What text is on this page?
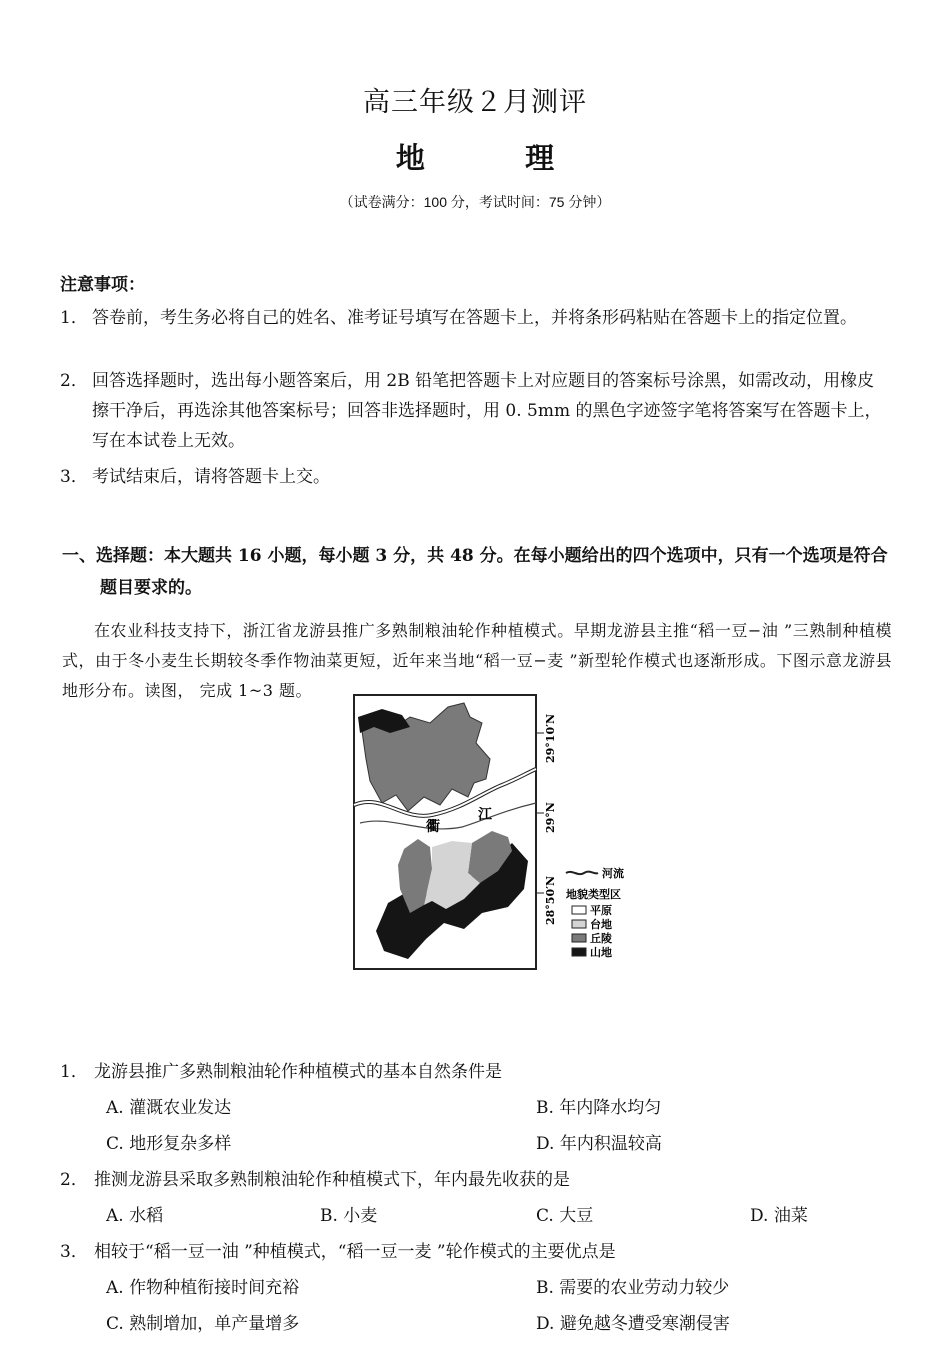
高三年级２月测评
地	理
（试卷满分：100 分，考试时间：75 分钟）
注意事项：
1． 答卷前，考生务必将自己的姓名、准考证号填写在答题卡上，并将条形码粘贴在答题卡上的指定位置。
2． 回答选择题时，选出每小题答案后，用 2B 铅笔把答题卡上对应题目的答案标号涂黑，如需改动，用橡皮擦干净后，再选涂其他答案标号；回答非选择题时，用 0. 5mm 的黑色字迹签字笔将答案写在答题卡上，写在本试卷上无效。
3． 考试结束后，请将答题卡上交。
一、选择题：本大题共 16 小题，每小题 3 分，共 48 分。在每小题给出的四个选项中，只有一个选项是符合题目要求的。
在农业科技支持下，浙江省龙游县推广多熟制粮油轮作种植模式。早期龙游县主推“稻一豆−油 ”三熟制种植模式，由于冬小麦生长期较冬季作物油菜更短，近年来当地“稻一豆−麦 ”新型轮作模式也逐渐形成。下图示意龙游县地形分布。读图， 完成 1~3 题。
衢
江
29°10′N
29°N
28°50′N
河流
地貌类型区
平原
台地
丘陵
山地
1． 龙游县推广多熟制粮油轮作种植模式的基本自然条件是
A. 灌溉农业发达	B. 年内降水均匀
C. 地形复杂多样	D. 年内积温较高
2． 推测龙游县采取多熟制粮油轮作种植模式下，年内最先收获的是
A. 水稻	B. 小麦	C. 大豆	D. 油菜
3． 相较于“稻一豆一油 ”种植模式，“稻一豆一麦 ”轮作模式的主要优点是
A. 作物种植衔接时间充裕	B. 需要的农业劳动力较少
C. 熟制增加，单产量增多	D. 避免越冬遭受寒潮侵害
